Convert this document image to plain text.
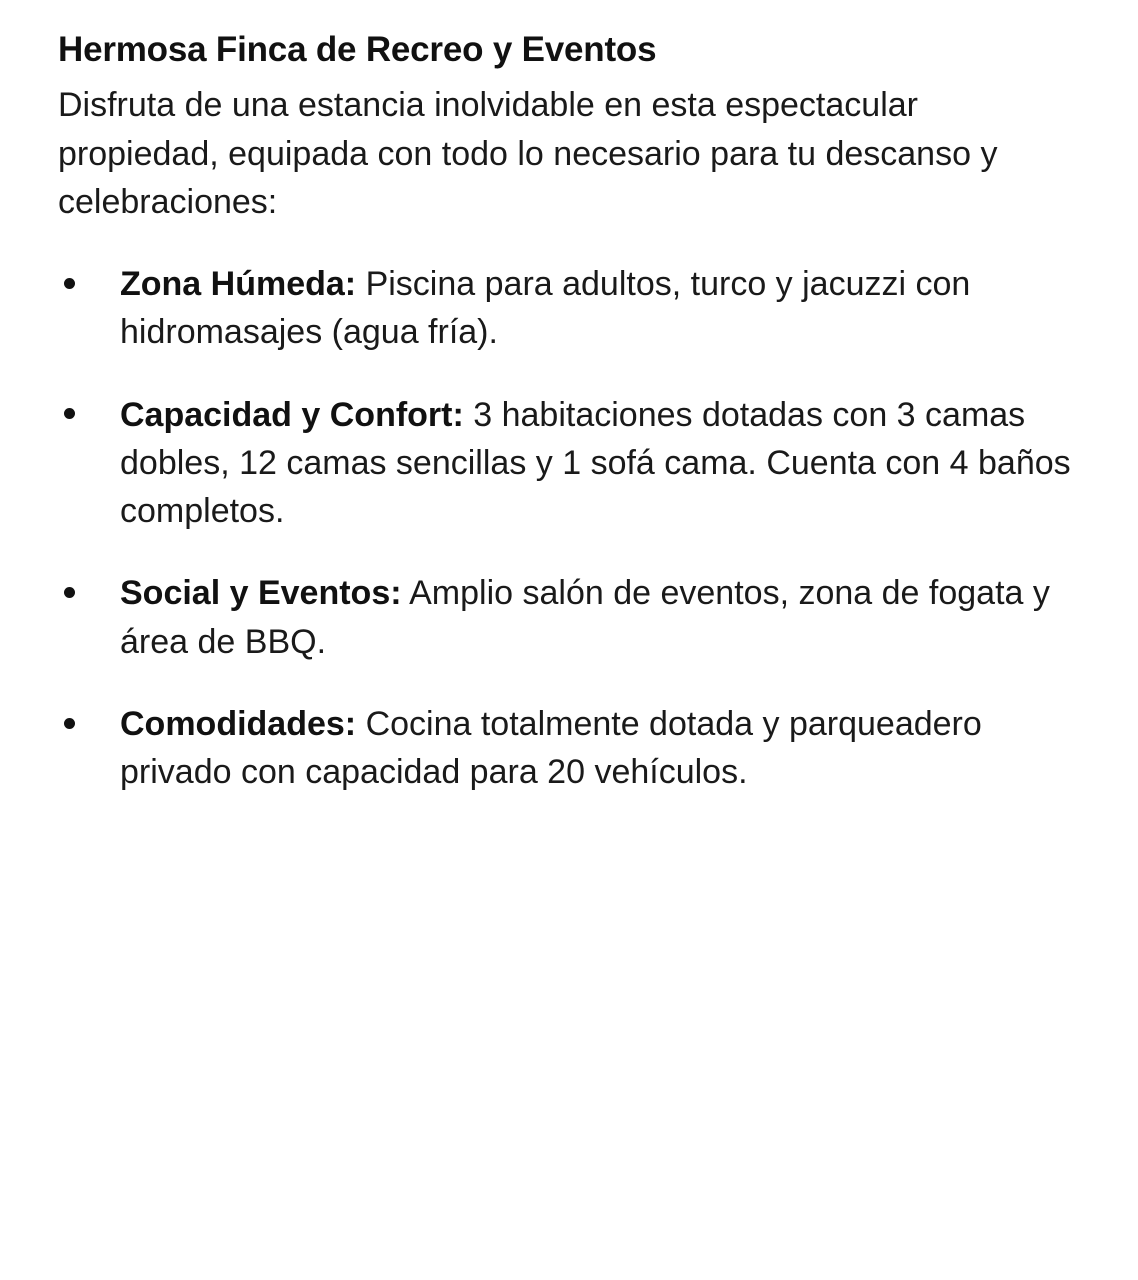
Hermosa Finca de Recreo y Eventos

Disfruta de una estancia inolvidable en esta espectacular propiedad, equipada con todo lo necesario para tu descanso y celebraciones:

Zona Húmeda: Piscina para adultos, turco y jacuzzi con hidromasajes (agua fría).
Capacidad y Confort: 3 habitaciones dotadas con 3 camas dobles, 12 camas sencillas y 1 sofá cama. Cuenta con 4 baños completos.
Social y Eventos: Amplio salón de eventos, zona de fogata y área de BBQ.
Comodidades: Cocina totalmente dotada y parqueadero privado con capacidad para 20 vehículos.
